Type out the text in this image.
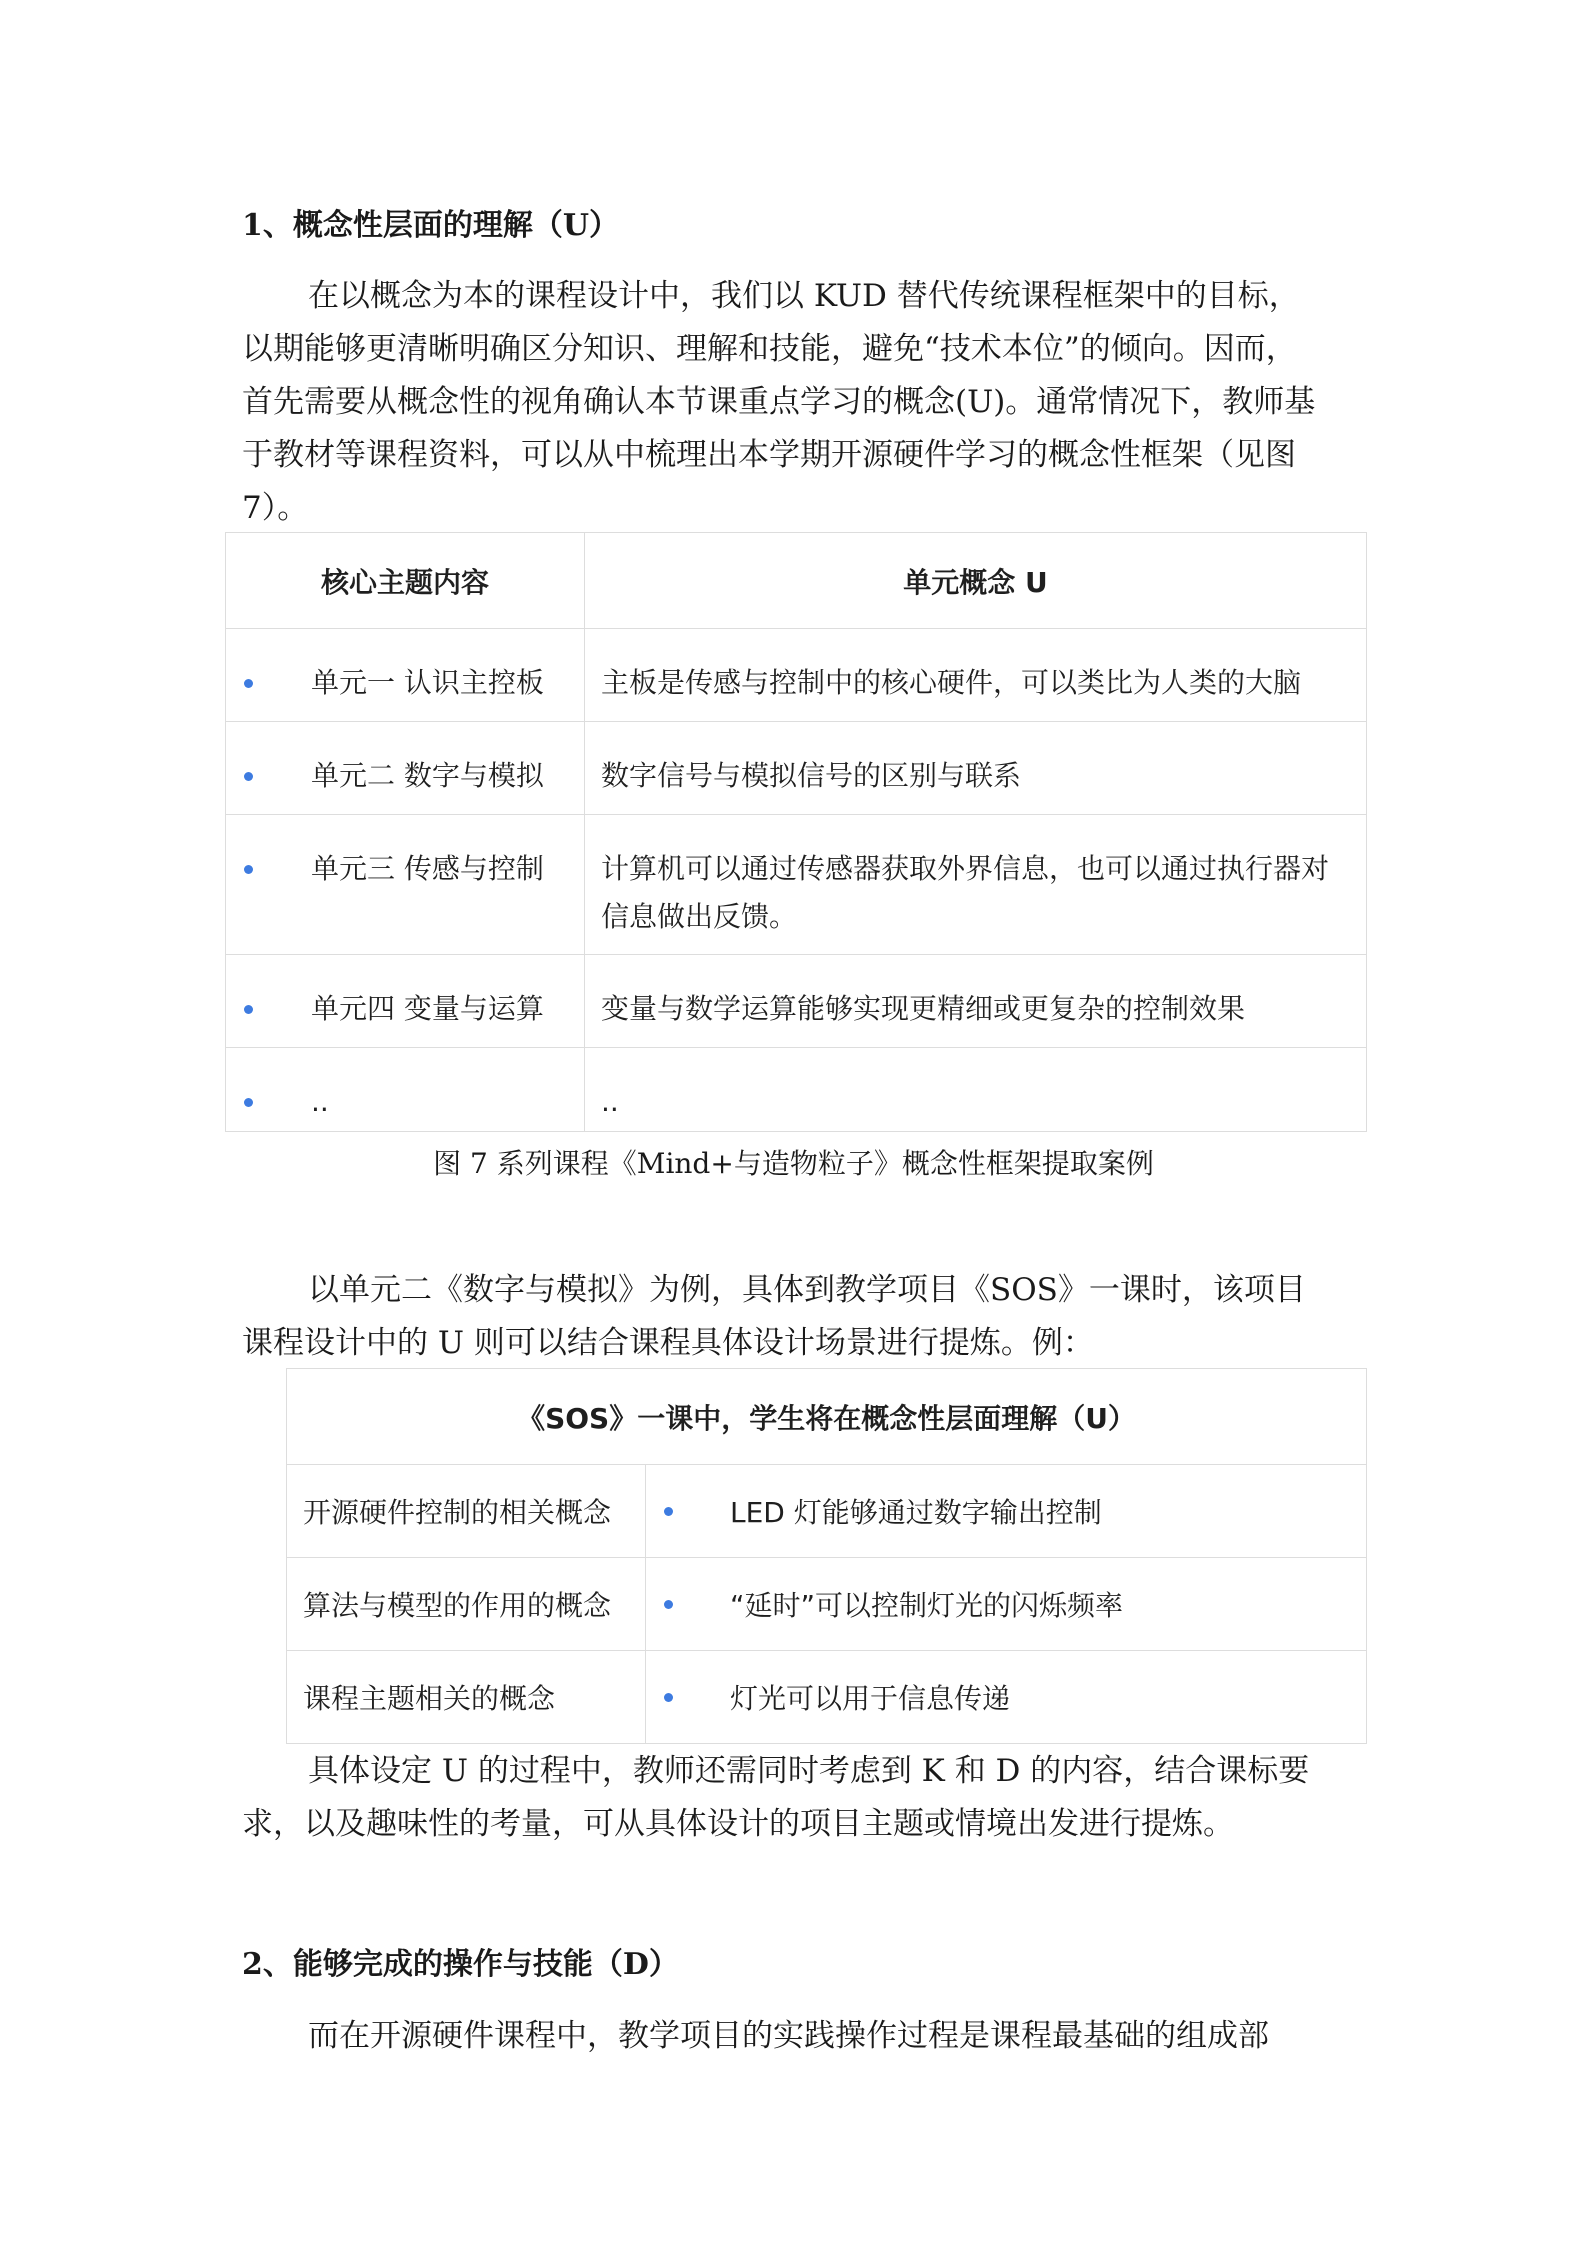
1、概念性层面的理解（U）
在以概念为本的课程设计中，我们以 KUD 替代传统课程框架中的目标，
以期能够更清晰明确区分知识、理解和技能，避免“技术本位”的倾向。因而，
首先需要从概念性的视角确认本节课重点学习的概念(U)。通常情况下，教师基
于教材等课程资料，可以从中梳理出本学期开源硬件学习的概念性框架（见图
7）。
核心主题内容	单元概念 U

单元一 认识主控板	主板是传感与控制中的核心硬件，可以类比为人类的大脑

单元二 数字与模拟	数字信号与模拟信号的区别与联系

单元三 传感与控制	计算机可以通过传感器获取外界信息，也可以通过执行器对信息做出反馈。

单元四 变量与运算	变量与数学运算能够实现更精细或更复杂的控制效果

..	..

图 7 系列课程《Mind+与造物粒子》概念性框架提取案例

以单元二《数字与模拟》为例，具体到教学项目《SOS》一课时，该项目
课程设计中的 U 则可以结合课程具体设计场景进行提炼。例：
《SOS》一课中，学生将在概念性层面理解（U）	
开源硬件控制的相关概念	LED 灯能够通过数字输出控制
算法与模型的作用的概念	“延时”可以控制灯光的闪烁频率
课程主题相关的概念	灯光可以用于信息传递
具体设定 U 的过程中，教师还需同时考虑到 K 和 D 的内容，结合课标要
求，以及趣味性的考量，可从具体设计的项目主题或情境出发进行提炼。
2、能够完成的操作与技能（D）
而在开源硬件课程中，教学项目的实践操作过程是课程最基础的组成部
